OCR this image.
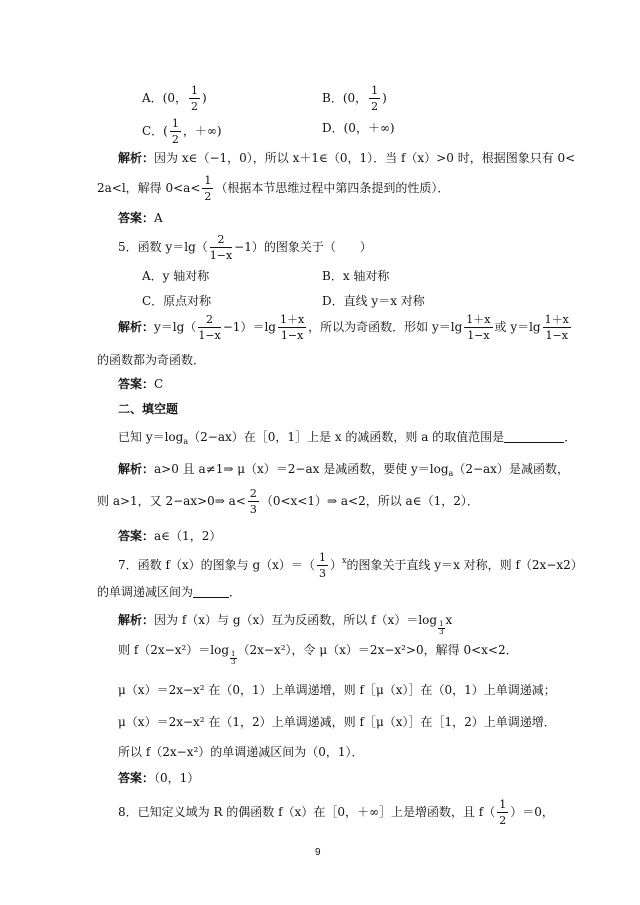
A．(0， $\frac{1}{2}$ )	B．(0， $\frac{1}{2}$ )
C．( $\frac{1}{2}$ ，＋∞)	D．(0，＋∞)
解析：因为 x∈（−1，0），所以 x＋1∈（0，1）．当 f（x）>0 时，根据图象只有 0<
2a<l，解得 $0<a< \frac{1}{2}$ （根据本节思维过程中第四条提到的性质）．
答案：A
5．函数 $y=\lg( \frac{2}{1-x} -1)$的图象关于（　　）
A．y 轴对称	B．x 轴对称
C．原点对称	D．直线 y＝x 对称
解析：$y=\lg( \frac{2}{1-x} -1)=\lg \frac{1+x}{1-x}$ ，所以为奇函数．形如 $y=\lg \frac{1+x}{1-x}$ 或 $y=\lg \frac{1+x}{1-x}$
的函数都为奇函数．
答案：C
二、填空题
已知 $y=\log_a(2-ax)$在［0，1］上是 x 的减函数，则 a 的取值范围是	．
解析：a>0 且 a≠1⇒ μ（x）＝2−ax 是减函数，要使 $y=\log_a(2-ax)$是减函数，
则 a>1，又 2−ax>0⇒ $a< \frac{2}{3}$ （0<x<1）⇒ a<2，所以 a∈（1，2）．
答案：a∈（1，2）
7．函数 f（x）的图象与 $g(x)=( \frac{1}{3} )^x$的图象关于直线 y＝x 对称，则 f（2x−x2）
的单调递减区间为	．
解析：因为 f（x）与 g（x）互为反函数，所以 f（x）＝log
$\frac{1}{3}$
x
则 f（2x−x²）＝log
$\frac{1}{3}$
（2x−x²），令 μ（x）＝2x−x²>0，解得 0<x<2．
μ（x）＝2x−x² 在（0，1）上单调递增，则 f［μ（x）］在（0，1）上单调递减；
μ（x）＝2x−x² 在（1，2）上单调递减，则 f［μ（x）］在［1，2）上单调递增．
所以 f（2x−x²）的单调递减区间为（0，1）．
答案：（0，1）
8．已知定义域为 R 的偶函数 f（x）在［0，＋∞］上是增函数，且 $f( \frac{1}{2} )=0$，
9
